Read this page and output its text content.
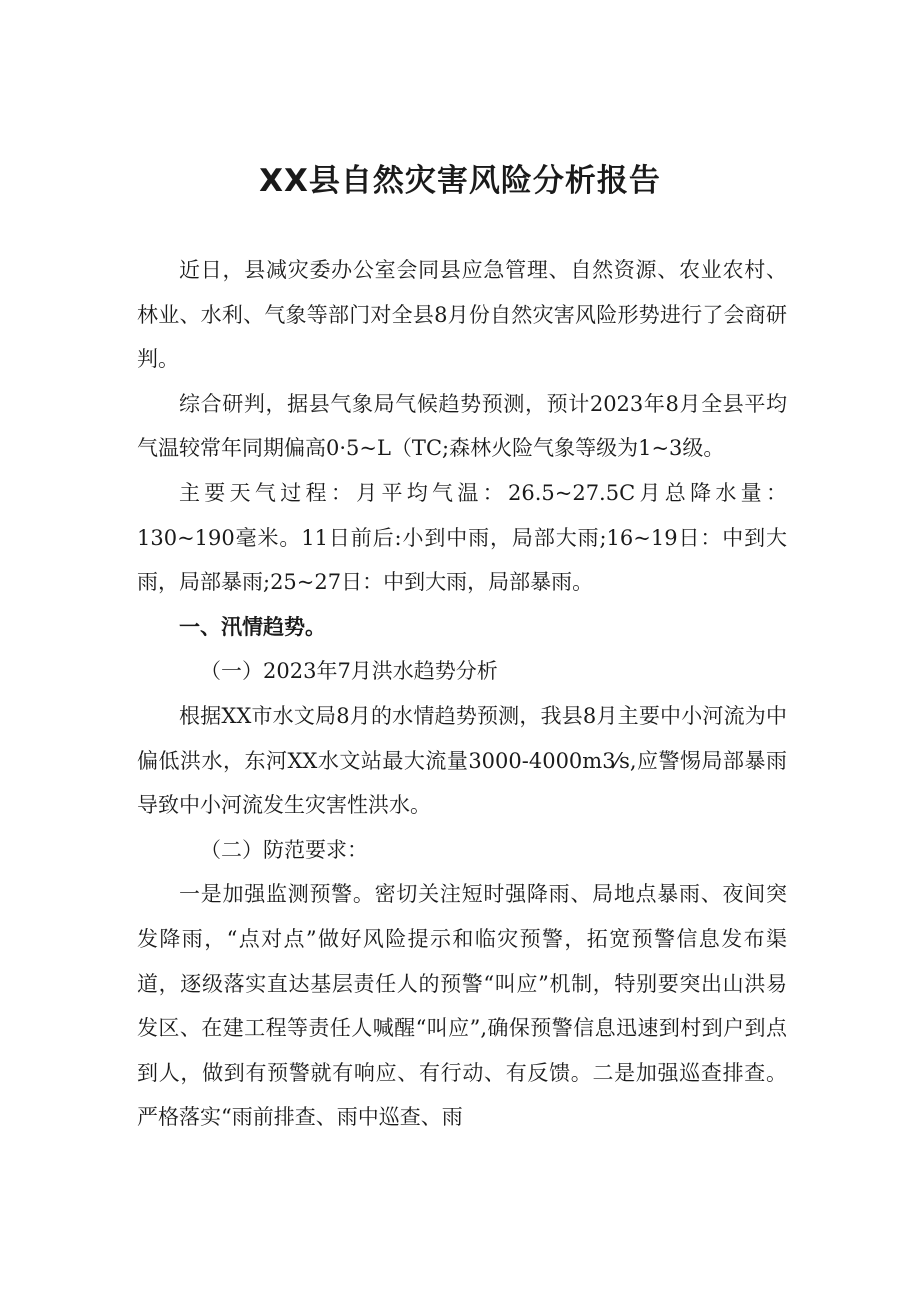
XX县自然灾害风险分析报告

近日，县减灾委办公室会同县应急管理、自然资源、农业农村、林业、水利、气象等部门对全县8月份自然灾害风险形势进行了会商研判。

综合研判，据县气象局气候趋势预测，预计2023年8月全县平均气温较常年同期偏高0·5~L（TC;森林火险气象等级为1~3级。

主要天气过程：月平均气温：26.5~27.5C月总降水量：130~190毫米。11日前后:小到中雨，局部大雨;16~19日：中到大雨，局部暴雨;25~27日：中到大雨，局部暴雨。

一、汛情趋势。

（一）2023年7月洪水趋势分析

根据XX市水文局8月的水情趋势预测，我县8月主要中小河流为中偏低洪水，东河XX水文站最大流量3000-4000m3⁄s,应警惕局部暴雨导致中小河流发生灾害性洪水。

（二）防范要求：

一是加强监测预警。密切关注短时强降雨、局地点暴雨、夜间突发降雨，“点对点”做好风险提示和临灾预警，拓宽预警信息发布渠道，逐级落实直达基层责任人的预警“叫应”机制，特别要突出山洪易发区、在建工程等责任人喊醒“叫应”,确保预警信息迅速到村到户到点到人，做到有预警就有响应、有行动、有反馈。二是加强巡查排查。严格落实“雨前排查、雨中巡查、雨
